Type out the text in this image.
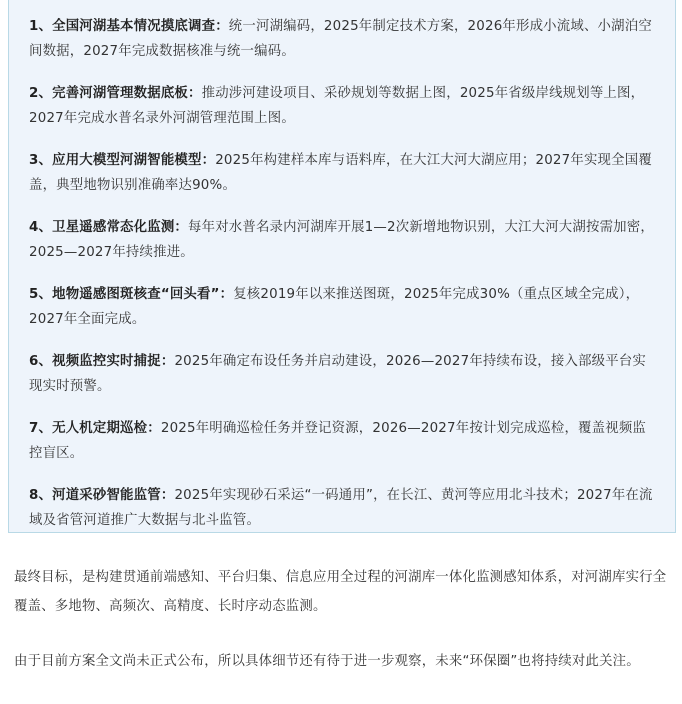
1、全国河湖基本情况摸底调查：统一河湖编码，2025年制定技术方案，2026年形成小流域、小湖泊空间数据，2027年完成数据核准与统一编码。

2、完善河湖管理数据底板：推动涉河建设项目、采砂规划等数据上图，2025年省级岸线规划等上图，2027年完成水普名录外河湖管理范围上图。

3、应用大模型河湖智能模型：2025年构建样本库与语料库，在大江大河大湖应用；2027年实现全国覆盖，典型地物识别准确率达90%。

4、卫星遥感常态化监测：每年对水普名录内河湖库开展1—2次新增地物识别，大江大河大湖按需加密，2025—2027年持续推进。

5、地物遥感图斑核查“回头看”：复核2019年以来推送图斑，2025年完成30%（重点区域全完成），2027年全面完成。

6、视频监控实时捕捉：2025年确定布设任务并启动建设，2026—2027年持续布设，接入部级平台实现实时预警。

7、无人机定期巡检：2025年明确巡检任务并登记资源，2026—2027年按计划完成巡检，覆盖视频监控盲区。

8、河道采砂智能监管：2025年实现砂石采运“一码通用”，在长江、黄河等应用北斗技术；2027年在流域及省管河道推广大数据与北斗监管。

最终目标，是构建贯通前端感知、平台归集、信息应用全过程的河湖库一体化监测感知体系，对河湖库实行全覆盖、多地物、高频次、高精度、长时序动态监测。

由于目前方案全文尚未正式公布，所以具体细节还有待于进一步观察，未来“环保圈”也将持续对此关注。
